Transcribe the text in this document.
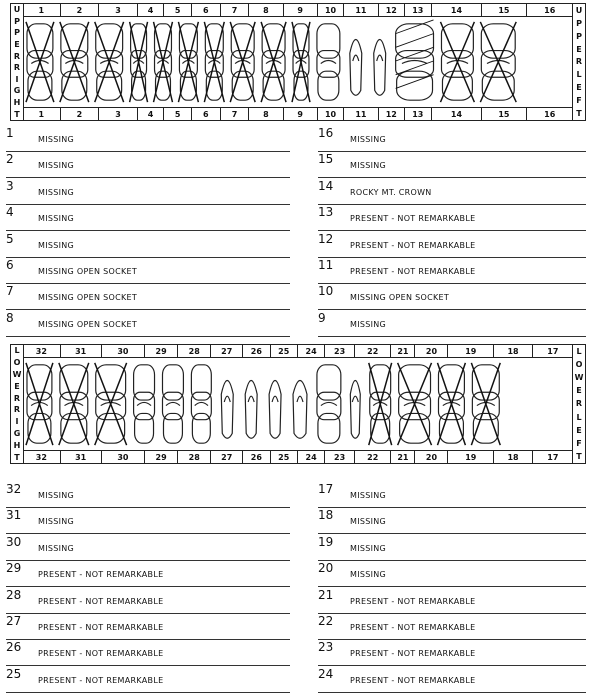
U
P
P
E
R
R
I
G
H
T
1	2	3	4	5	6	7	8	9	10	11	12	13	14	15	16
1	2	3	4	5	6	7	8	9	10	11	12	13	14	15	16
U
P
P
E
R
L
E
F
T
1	MISSING
2	MISSING
3	MISSING
4	MISSING
5	MISSING
6	MISSING OPEN SOCKET
7	MISSING OPEN SOCKET
8	MISSING OPEN SOCKET
16 MISSING
15 MISSING
14 ROCKY MT. CROWN
13 PRESENT - NOT REMARKABLE
12 PRESENT - NOT REMARKABLE
11 PRESENT - NOT REMARKABLE
10 MISSING OPEN SOCKET
9	MISSING
L
O
W
E
R
R
I
G
H
T
32	31	30	29	28	27	26	25	24	23	22	21	20	19	18	17
32	31	30	29	28	27	26	25	24	23	22	21	20	19	18	17
L
O
W
E
R
L
E
F
T
32 MISSING
31 MISSING
30 MISSING
29 PRESENT - NOT REMARKABLE
28 PRESENT - NOT REMARKABLE
27 PRESENT - NOT REMARKABLE
26 PRESENT - NOT REMARKABLE
25 PRESENT - NOT REMARKABLE
17 MISSING
18 MISSING
19 MISSING
20 MISSING
21 PRESENT - NOT REMARKABLE
22 PRESENT - NOT REMARKABLE
23 PRESENT - NOT REMARKABLE
24 PRESENT - NOT REMARKABLE
